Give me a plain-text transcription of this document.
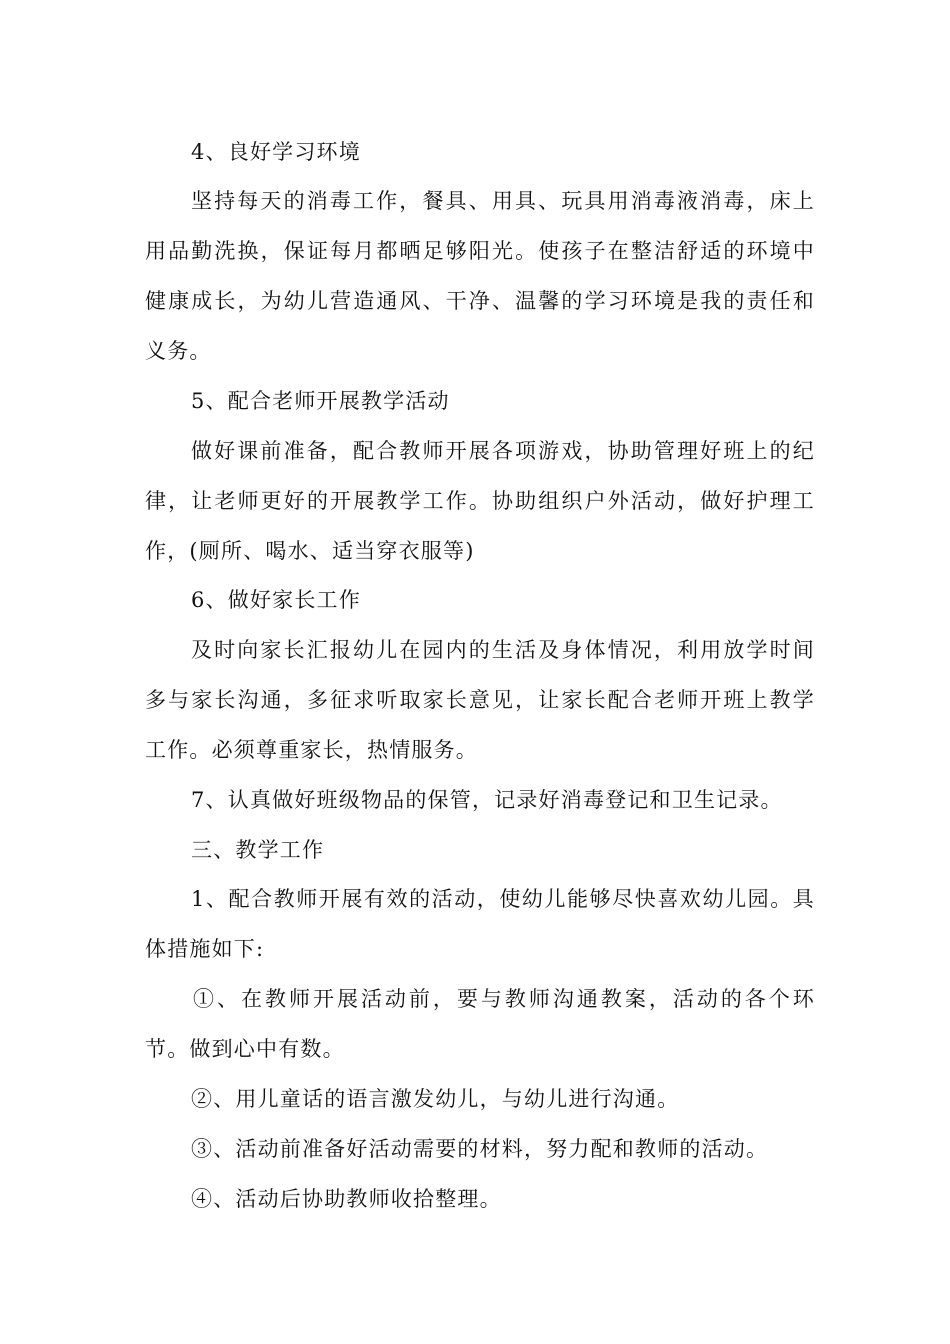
4、良好学习环境
坚持每天的消毒工作，餐具、用具、玩具用消毒液消毒，床上
用品勤洗换，保证每月都晒足够阳光。使孩子在整洁舒适的环境中
健康成长，为幼儿营造通风、干净、温馨的学习环境是我的责任和
义务。
5、配合老师开展教学活动
做好课前准备，配合教师开展各项游戏，协助管理好班上的纪
律，让老师更好的开展教学工作。协助组织户外活动，做好护理工
作，(厕所、喝水、适当穿衣服等)
6、做好家长工作
及时向家长汇报幼儿在园内的生活及身体情况，利用放学时间
多与家长沟通，多征求听取家长意见，让家长配合老师开班上教学
工作。必须尊重家长，热情服务。
7、认真做好班级物品的保管，记录好消毒登记和卫生记录。
三、教学工作
1、配合教师开展有效的活动，使幼儿能够尽快喜欢幼儿园。具
体措施如下:
①、在教师开展活动前，要与教师沟通教案，活动的各个环
节。做到心中有数。
②、用儿童话的语言激发幼儿，与幼儿进行沟通。
③、活动前准备好活动需要的材料，努力配和教师的活动。
④、活动后协助教师收拾整理。
